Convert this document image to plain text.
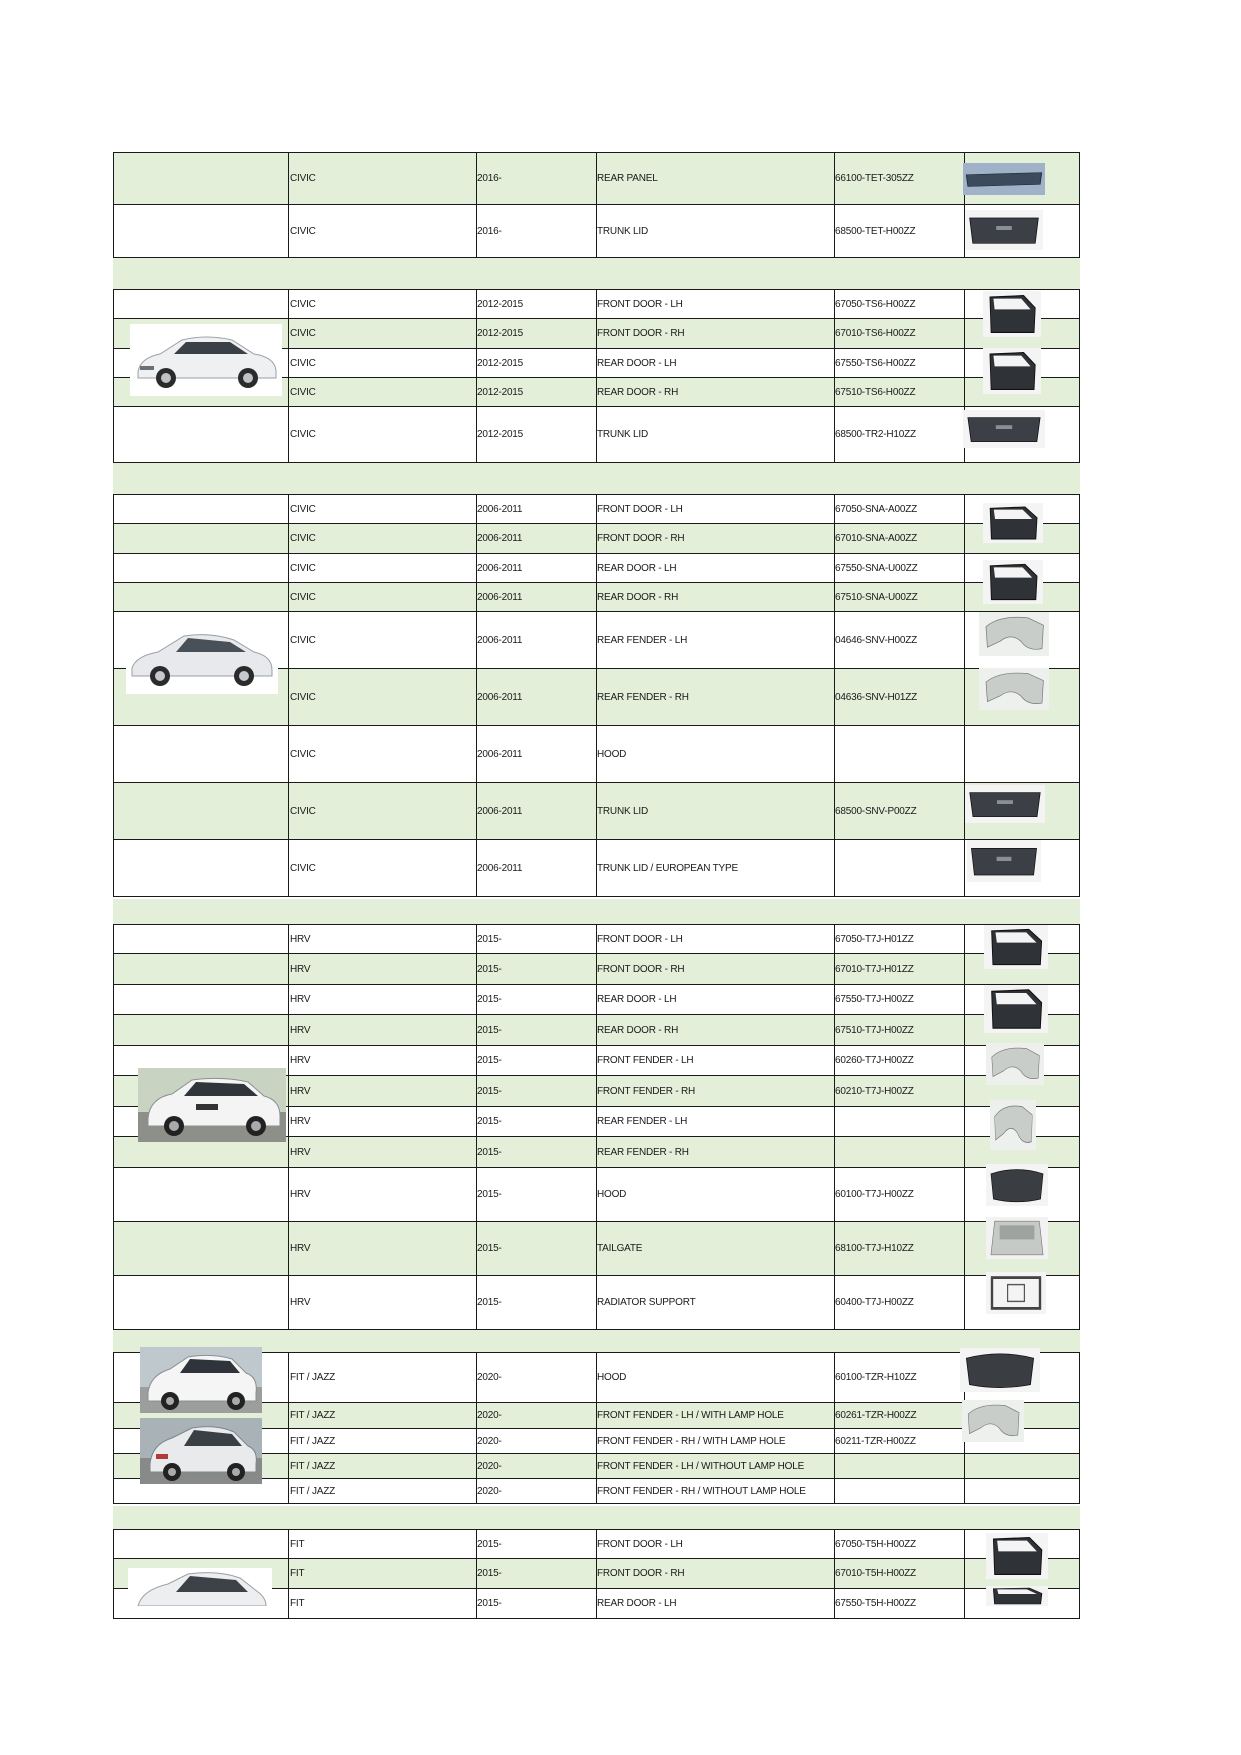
CIVIC	2016-	REAR PANEL	66100-TET-305ZZ
CIVIC	2016-	TRUNK LID	68500-TET-H00ZZ
CIVIC	2012-2015	FRONT DOOR - LH	67050-TS6-H00ZZ
CIVIC	2012-2015	FRONT DOOR - RH	67010-TS6-H00ZZ
CIVIC	2012-2015	REAR DOOR - LH	67550-TS6-H00ZZ
CIVIC	2012-2015	REAR DOOR - RH	67510-TS6-H00ZZ
CIVIC	2012-2015	TRUNK LID	68500-TR2-H10ZZ
CIVIC	2006-2011	FRONT DOOR - LH	67050-SNA-A00ZZ
CIVIC	2006-2011	FRONT DOOR - RH	67010-SNA-A00ZZ
CIVIC	2006-2011	REAR DOOR - LH	67550-SNA-U00ZZ
CIVIC	2006-2011	REAR DOOR - RH	67510-SNA-U00ZZ
CIVIC	2006-2011	REAR FENDER - LH	04646-SNV-H00ZZ
CIVIC	2006-2011	REAR FENDER - RH	04636-SNV-H01ZZ
CIVIC	2006-2011	HOOD
CIVIC	2006-2011	TRUNK LID	68500-SNV-P00ZZ
CIVIC	2006-2011	TRUNK LID / EUROPEAN TYPE
HRV	2015-	FRONT DOOR - LH	67050-T7J-H01ZZ
HRV	2015-	FRONT DOOR - RH	67010-T7J-H01ZZ
HRV	2015-	REAR DOOR - LH	67550-T7J-H00ZZ
HRV	2015-	REAR DOOR - RH	67510-T7J-H00ZZ
HRV	2015-	FRONT FENDER - LH	60260-T7J-H00ZZ
HRV	2015-	FRONT FENDER - RH	60210-T7J-H00ZZ
HRV	2015-	REAR FENDER - LH
HRV	2015-	REAR FENDER - RH
HRV	2015-	HOOD	60100-T7J-H00ZZ
HRV	2015-	TAILGATE	68100-T7J-H10ZZ
HRV	2015-	RADIATOR SUPPORT	60400-T7J-H00ZZ
FIT / JAZZ	2020-	HOOD	60100-TZR-H10ZZ
FIT / JAZZ	2020-	FRONT FENDER - LH / WITH LAMP HOLE	60261-TZR-H00ZZ
FIT / JAZZ	2020-	FRONT FENDER - RH / WITH LAMP HOLE	60211-TZR-H00ZZ
FIT / JAZZ	2020-	FRONT FENDER - LH / WITHOUT LAMP HOLE
FIT / JAZZ	2020-	FRONT FENDER - RH / WITHOUT LAMP HOLE
FIT	2015-	FRONT DOOR - LH	67050-T5H-H00ZZ
FIT	2015-	FRONT DOOR - RH	67010-T5H-H00ZZ
FIT	2015-	REAR DOOR - LH	67550-T5H-H00ZZ
